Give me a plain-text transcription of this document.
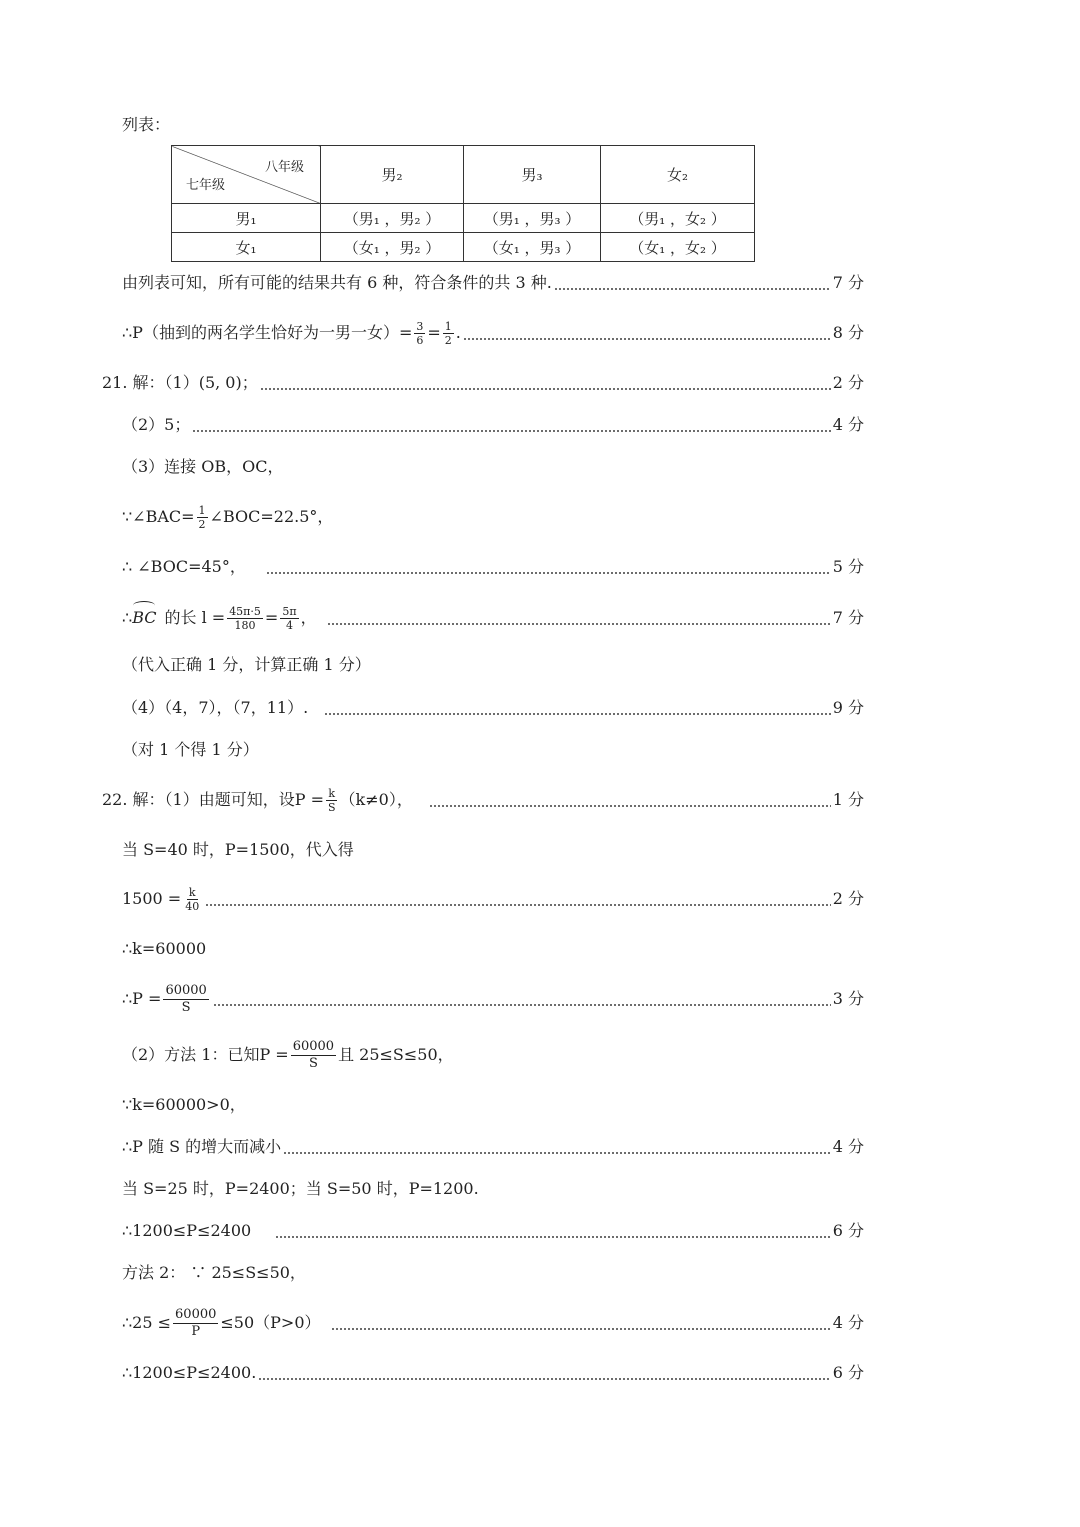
列表：
八年级
七年级	男₂	男₃	女₂
男₁	（男₁ ，男₂ ）	（男₁ ，男₃ ）	（男₁ ，女₂ ）
女₁	（女₁ ，男₂ ）	（女₁ ，男₃ ）	（女₁ ，女₂ ）
由列表可知，所有可能的结果共有 6 种，符合条件的共 3 种.	7 分
∴P（抽到的两名学生恰好为一男一女）= $\frac{3}{6} = \frac{1}{2}$ .	8 分
21. 解：（1）(5, 0)；	2 分
（2）5；	4 分
（3）连接 OB，OC，
∵∠BAC= $\frac{1}{2}$ ∠BOC=22.5°，
∴ ∠BOC=45°，	5 分
∴ BC 的长 $l = \frac{45\pi\cdot 5}{180} = \frac{5\pi}{4}$ ，	7 分
（代入正确 1 分，计算正确 1 分）
（4）（4，7），（7，11）.	9 分
（对 1 个得 1 分）
22. 解：（1）由题可知，设$P = \frac{k}{S} (k\ne 0)$，	1 分
当 S=40 时，P=1500，代入得
$1500 = \frac{k}{40}$	2 分
∴k=60000
∴P = $\frac{60000}{S}$	3 分
（2）方法 1：已知$P = \frac{60000}{S}$ 且 25≤S≤50，
∵k=60000>0，
∴P 随 S 的增大而减小	4 分
当 S=25 时，P=2400；当 S=50 时，P=1200.
∴1200≤P≤2400	6 分
方法 2： ∵ 25≤S≤50，
∴25 ≤ $\frac{60000}{P} \le 50(P>0)$	4 分
∴1200≤P≤2400.	6 分
